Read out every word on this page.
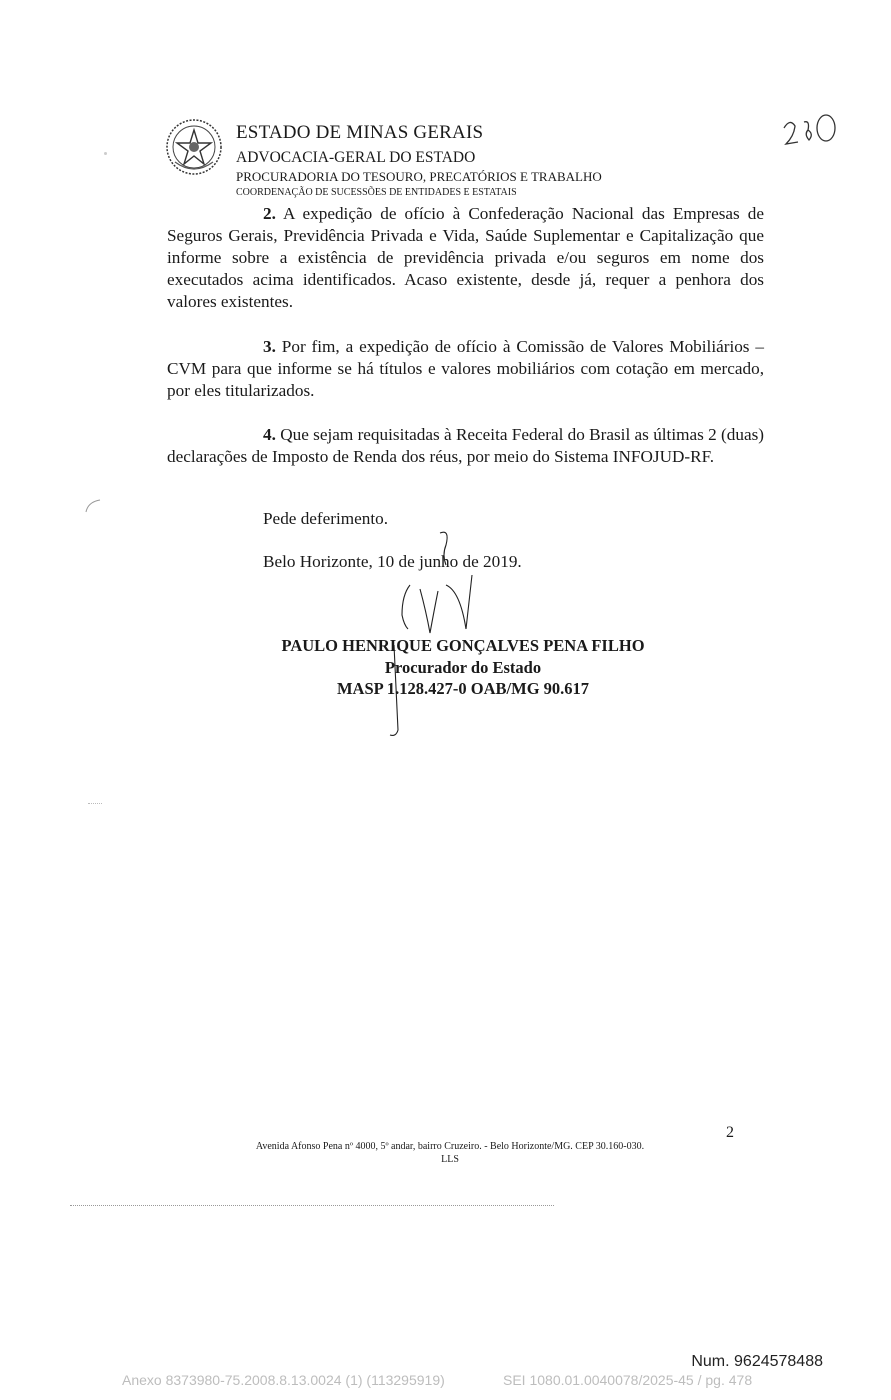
ESTADO DE MINAS GERAIS
ADVOCACIA-GERAL DO ESTADO
PROCURADORIA DO TESOURO, PRECATÓRIOS E TRABALHO
COORDENAÇÃO DE SUCESSÕES DE ENTIDADES E ESTATAIS
2. A expedição de ofício à Confederação Nacional das Empresas de Seguros Gerais, Previdência Privada e Vida, Saúde Suplementar e Capitalização que informe sobre a existência de previdência privada e/ou seguros em nome dos executados acima identificados. Acaso existente, desde já, requer a penhora dos valores existentes.
3. Por fim, a expedição de ofício à Comissão de Valores Mobiliários – CVM para que informe se há títulos e valores mobiliários com cotação em mercado, por eles titularizados.
4. Que sejam requisitadas à Receita Federal do Brasil as últimas 2 (duas) declarações de Imposto de Renda dos réus, por meio do Sistema INFOJUD-RF.
Pede deferimento.
Belo Horizonte, 10 de junho de 2019.
PAULO HENRIQUE GONÇALVES PENA FILHO
Procurador do Estado
MASP 1.128.427-0 OAB/MG 90.617
2
Avenida Afonso Pena nº 4000, 5º andar, bairro Cruzeiro. - Belo Horizonte/MG. CEP 30.160-030.
LLS
Num. 9624578488
Anexo 8373980-75.2008.8.13.0024 (1) (113295919)	SEI 1080.01.0040078/2025-45 / pg. 478
